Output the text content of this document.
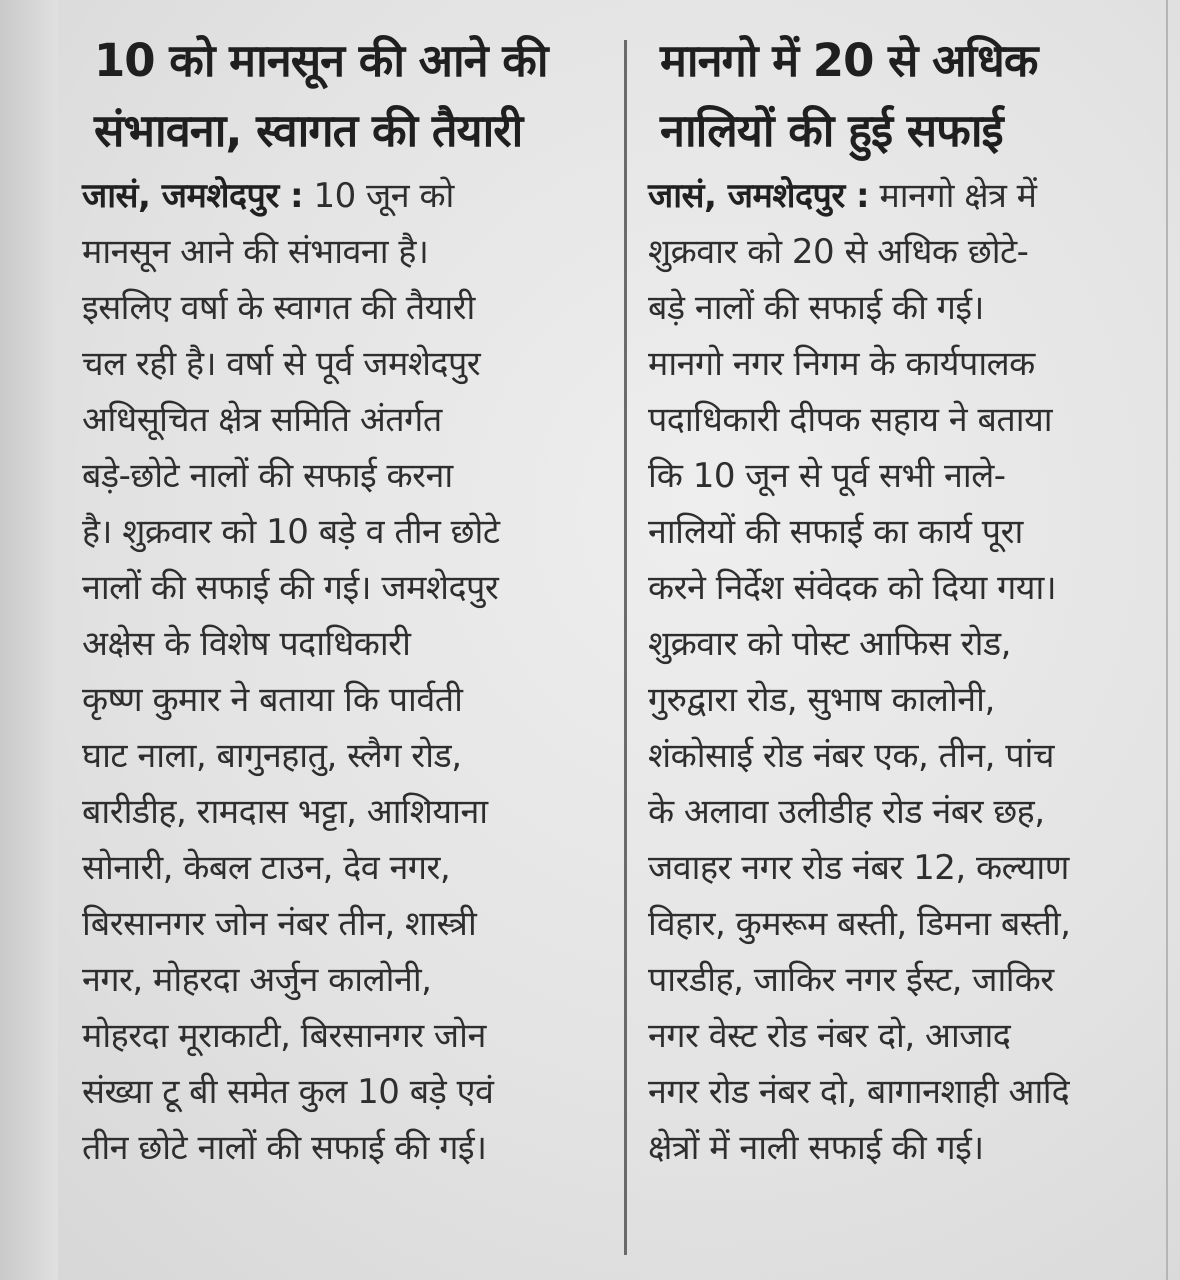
10 को मानसून की आने की
संभावना, स्वागत की तैयारी

जासं, जमशेदपुर : 10 जून को

मानसून आने की संभावना है।

इसलिए वर्षा के स्वागत की तैयारी

चल रही है। वर्षा से पूर्व जमशेदपुर

अधिसूचित क्षेत्र समिति अंतर्गत

बड़े-छोटे नालों की सफाई करना

है। शुक्रवार को 10 बड़े व तीन छोटे

नालों की सफाई की गई। जमशेदपुर

अक्षेस के विशेष पदाधिकारी

कृष्ण कुमार ने बताया कि पार्वती

घाट नाला, बागुनहातु, स्लैग रोड,

बारीडीह, रामदास भट्टा, आशियाना

सोनारी, केबल टाउन, देव नगर,

बिरसानगर जोन नंबर तीन, शास्त्री

नगर, मोहरदा अर्जुन कालोनी,

मोहरदा मूराकाटी, बिरसानगर जोन

संख्या टू बी समेत कुल 10 बड़े एवं

तीन छोटे नालों की सफाई की गई।

मानगो में 20 से अधिक
नालियों की हुई सफाई

जासं, जमशेदपुर : मानगो क्षेत्र में

शुक्रवार को 20 से अधिक छोटे-

बड़े नालों की सफाई की गई।

मानगो नगर निगम के कार्यपालक

पदाधिकारी दीपक सहाय ने बताया

कि 10 जून से पूर्व सभी नाले-

नालियों की सफाई का कार्य पूरा

करने निर्देश संवेदक को दिया गया।

शुक्रवार को पोस्ट आफिस रोड,

गुरुद्वारा रोड, सुभाष कालोनी,

शंकोसाई रोड नंबर एक, तीन, पांच

के अलावा उलीडीह रोड नंबर छह,

जवाहर नगर रोड नंबर 12, कल्याण

विहार, कुमरूम बस्ती, डिमना बस्ती,

पारडीह, जाकिर नगर ईस्ट, जाकिर

नगर वेस्ट रोड नंबर दो, आजाद

नगर रोड नंबर दो, बागानशाही आदि

क्षेत्रों में नाली सफाई की गई।
